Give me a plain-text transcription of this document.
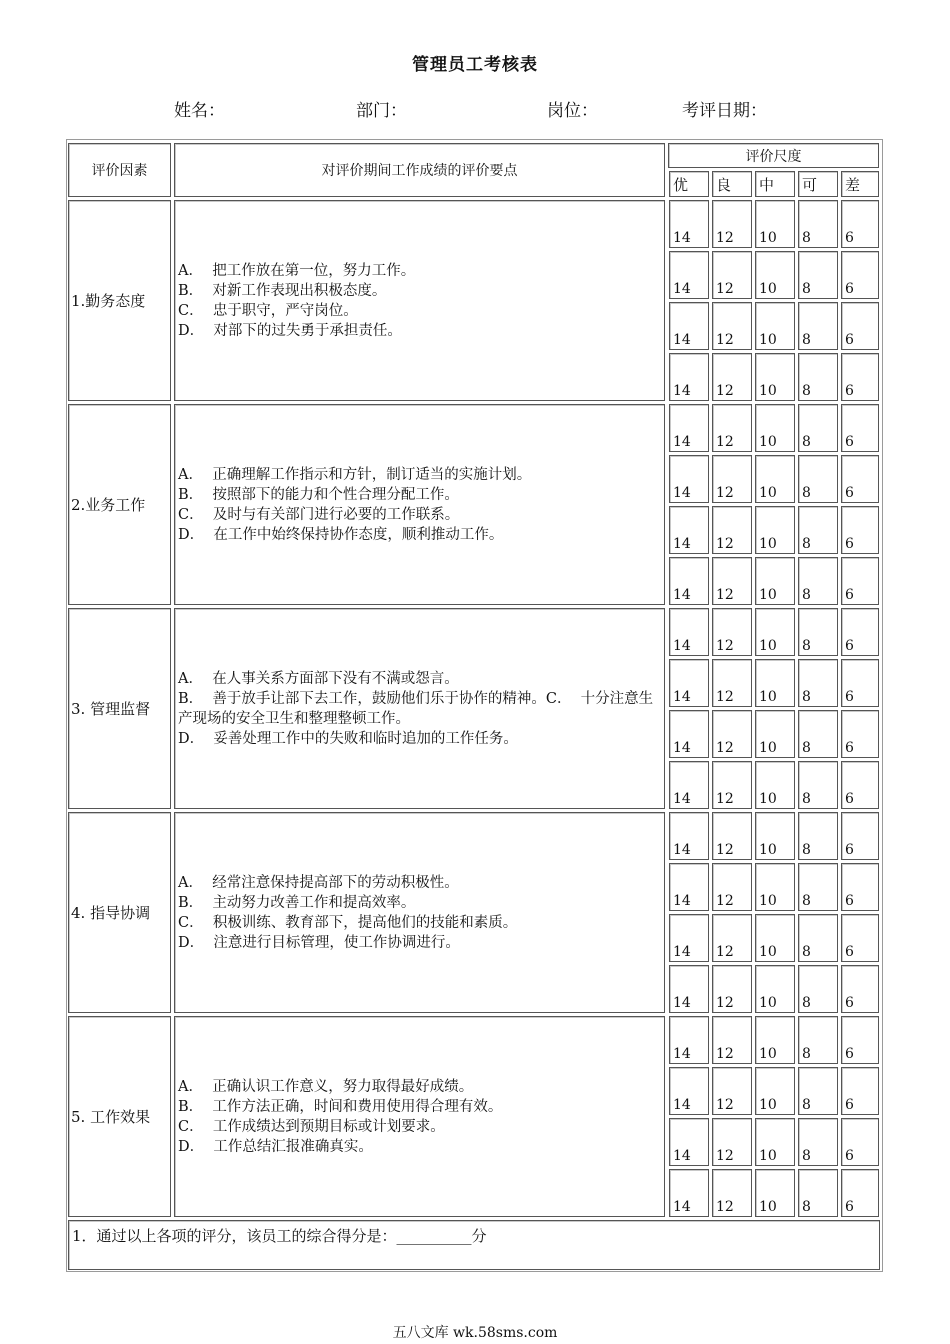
管理员工考核表
姓名：	部门：	岗位：	考评日期：
评价因素	对评价期间工作成绩的评价要点
评价尺度
优	良	中	可	差
1.勤务态度
A．  把工作放在第一位，努力工作。
B．  对新工作表现出积极态度。
C．  忠于职守，严守岗位。
D．  对部下的过失勇于承担责任。
14	12	10	8	6
14	12	10	8	6
14	12	10	8	6
14	12	10	8	6
2.业务工作
A．  正确理解工作指示和方针，制订适当的实施计划。
B．  按照部下的能力和个性合理分配工作。
C．  及时与有关部门进行必要的工作联系。
D．  在工作中始终保持协作态度，顺利推动工作。
14	12	10	8	6
14	12	10	8	6
14	12	10	8	6
14	12	10	8	6
3. 管理监督
A．  在人事关系方面部下没有不满或怨言。
B．  善于放手让部下去工作，鼓励他们乐于协作的精神。C．  十分注意生产现场的安全卫生和整理整顿工作。
D．  妥善处理工作中的失败和临时追加的工作任务。
14	12	10	8	6
14	12	10	8	6
14	12	10	8	6
14	12	10	8	6
4. 指导协调
A．  经常注意保持提高部下的劳动积极性。
B．  主动努力改善工作和提高效率。
C．  积极训练、教育部下，提高他们的技能和素质。
D．  注意进行目标管理，使工作协调进行。
14	12	10	8	6
14	12	10	8	6
14	12	10	8	6
14	12	10	8	6
5. 工作效果
A．  正确认识工作意义，努力取得最好成绩。
B．  工作方法正确，时间和费用使用得合理有效。
C．  工作成绩达到预期目标或计划要求。
D．  工作总结汇报准确真实。
14	12	10	8	6
14	12	10	8	6
14	12	10	8	6
14	12	10	8	6
1．通过以上各项的评分，该员工的综合得分是：__________分
五八文库 wk.58sms.com
